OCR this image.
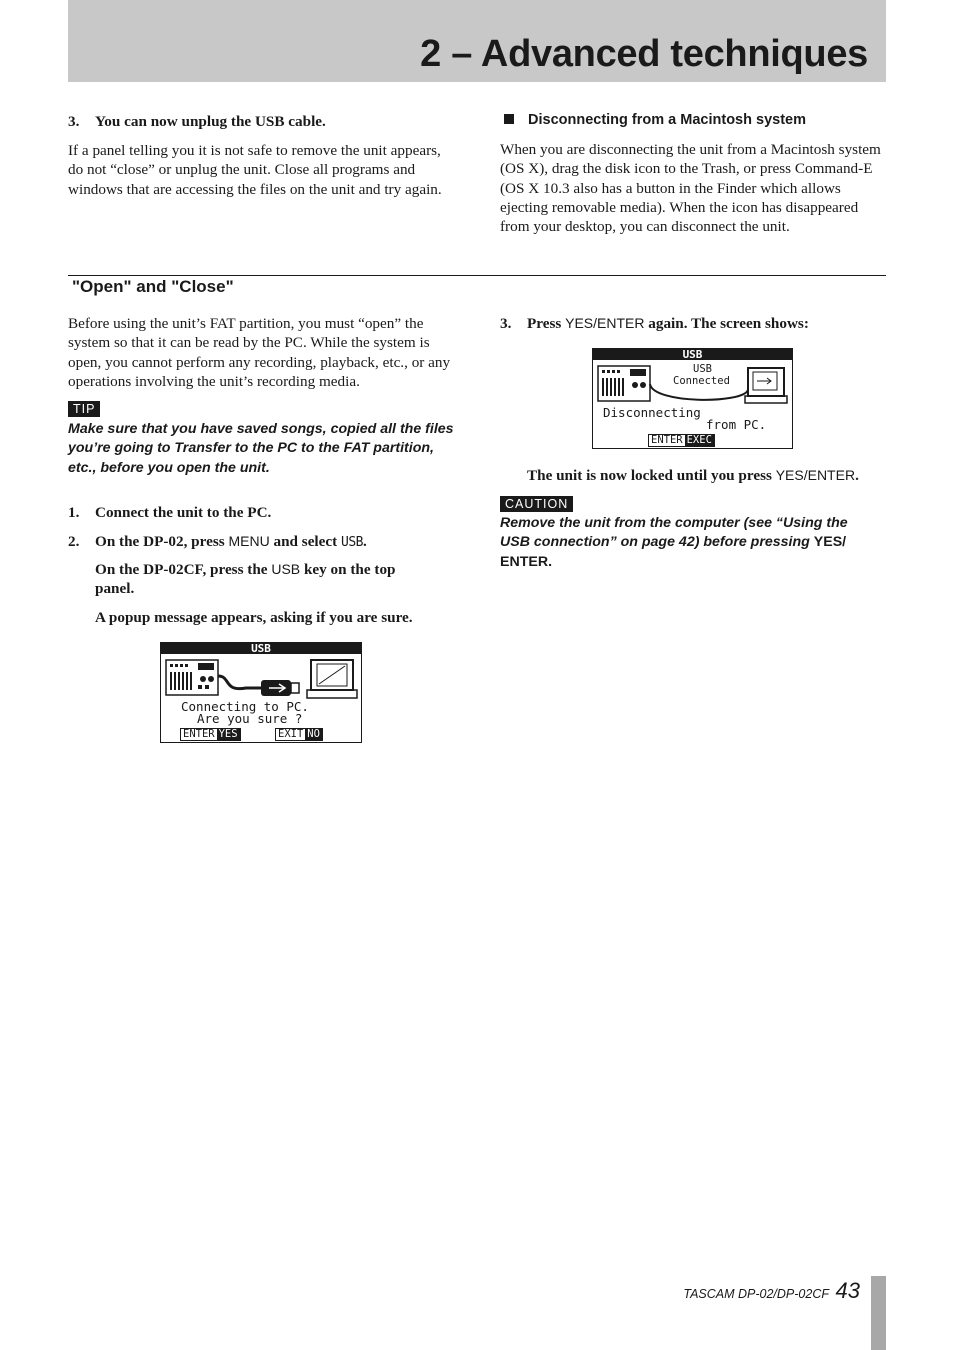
2 – Advanced techniques
3. You can now unplug the USB cable.
If a panel telling you it is not safe to remove the unit appears, do not “close” or unplug the unit. Close all programs and windows that are accessing the files on the unit and try again.
Disconnecting from a Macintosh system
When you are disconnecting the unit from a Macintosh system (OS X), drag the disk icon to the Trash, or press Command-E (OS X 10.3 also has a button in the Finder which allows ejecting removable media). When the icon has disappeared from your desktop, you can disconnect the unit.
"Open" and "Close"
Before using the unit’s FAT partition, you must “open” the system so that it can be read by the PC. While the system is open, you cannot perform any recording, playback, etc., or any operations involving the unit’s recording media.
TIP
Make sure that you have saved songs, copied all the files you’re going to Transfer to the PC to the FAT partition, etc., before you open the unit.
1. Connect the unit to the PC.
2. On the DP-02, press MENU and select USB.
On the DP-02CF, press the USB key on the top panel.
A popup message appears, asking if you are sure.
USB
Connecting to PC.
Are you sure ?
ENTER YES	EXIT NO
3. Press YES/ENTER again. The screen shows:
USB
USB
Connected
Disconnecting
from PC.
ENTER EXEC
The unit is now locked until you press YES/ENTER.
CAUTION
Remove the unit from the computer (see “Using the USB connection” on page 42) before pressing YES/ ENTER.
TASCAM DP-02/DP-02CF 43
